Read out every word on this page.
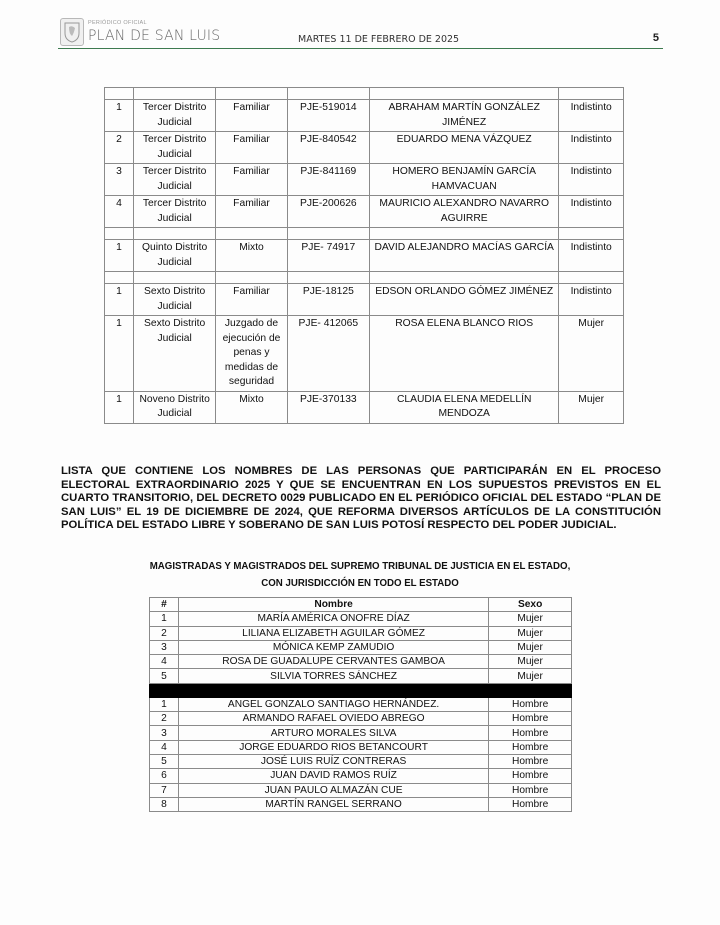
PERIÓDICO OFICIAL
PLAN DE SAN LUIS	MARTES 11 DE FEBRERO DE 2025	5

1	Tercer Distrito Judicial	Familiar	PJE-519014	ABRAHAM MARTÍN GONZÁLEZ JIMÉNEZ	Indistinto
2	Tercer Distrito Judicial	Familiar	PJE-840542	EDUARDO MENA VÁZQUEZ	Indistinto
3	Tercer Distrito Judicial	Familiar	PJE-841169	HOMERO BENJAMÍN GARCÍA HAMVACUAN	Indistinto
4	Tercer Distrito Judicial	Familiar	PJE-200626	MAURICIO ALEXANDRO NAVARRO AGUIRRE	Indistinto

1	Quinto Distrito Judicial	Mixto	PJE- 74917	DAVID ALEJANDRO MACÍAS GARCÍA	Indistinto

1	Sexto Distrito Judicial	Familiar	PJE-18125	EDSON ORLANDO GÓMEZ JIMÉNEZ	Indistinto
1	Sexto Distrito Judicial	Juzgado de ejecución de penas y medidas de seguridad	PJE- 412065	ROSA ELENA BLANCO RIOS	Mujer
1	Noveno Distrito Judicial	Mixto	PJE-370133	CLAUDIA ELENA MEDELLÍN MENDOZA	Mujer
LISTA QUE CONTIENE LOS NOMBRES DE LAS PERSONAS QUE PARTICIPARÁN EN EL PROCESO ELECTORAL EXTRAORDINARIO 2025 Y QUE SE ENCUENTRAN EN LOS SUPUESTOS PREVISTOS EN EL CUARTO TRANSITORIO, DEL DECRETO 0029 PUBLICADO EN EL PERIÓDICO OFICIAL DEL ESTADO “PLAN DE SAN LUIS” EL 19 DE DICIEMBRE DE 2024, QUE REFORMA DIVERSOS ARTÍCULOS DE LA CONSTITUCIÓN POLÍTICA DEL ESTADO LIBRE Y SOBERANO DE SAN LUIS POTOSÍ RESPECTO DEL PODER JUDICIAL.
MAGISTRADAS Y MAGISTRADOS DEL SUPREMO TRIBUNAL DE JUSTICIA EN EL ESTADO,
CON JURISDICCIÓN EN TODO EL ESTADO
#	Nombre	Sexo
1	MARÍA AMÉRICA ONOFRE DÍAZ	Mujer
2	LILIANA ELIZABETH AGUILAR GÓMEZ	Mujer
3	MÓNICA KEMP ZAMUDIO	Mujer
4	ROSA DE GUADALUPE CERVANTES GAMBOA	Mujer
5	SILVIA TORRES SÁNCHEZ	Mujer

1	ANGEL GONZALO SANTIAGO HERNÁNDEZ.	Hombre
2	ARMANDO RAFAEL OVIEDO ABREGO	Hombre
3	ARTURO MORALES SILVA	Hombre
4	JORGE EDUARDO RIOS BETANCOURT	Hombre
5	JOSÉ LUIS RUÍZ CONTRERAS	Hombre
6	JUAN DAVID RAMOS RUÍZ	Hombre
7	JUAN PAULO ALMAZÁN CUE	Hombre
8	MARTÍN RANGEL SERRANO	Hombre
